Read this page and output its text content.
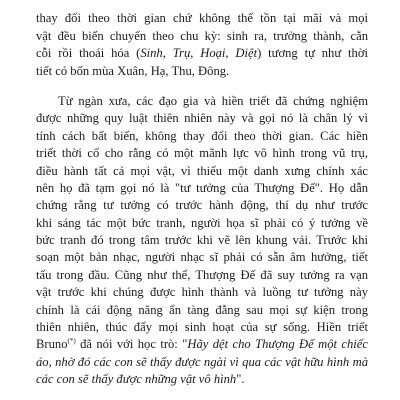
thay đổi theo thời gian chứ không thể tồn tại mãi và mọi
vật đều biến chuyển theo chu kỳ: sinh ra, trưởng thành, cằn
cỗi rồi thoái hóa (Sinh, Trụ, Hoại, Diệt) tương tự như thời
tiết có bốn mùa Xuân, Hạ, Thu, Đông.

Từ ngàn xưa, các đạo gia và hiền triết đã chứng nghiệm
được những quy luật thiên nhiên này và gọi nó là chân lý vì
tính cách bất biến, không thay đổi theo thời gian. Các hiền
triết thời cổ cho rằng có một mãnh lực vô hình trong vũ trụ,
điều hành tất cả mọi vật, vì thiếu một danh xưng chính xác
nên họ đã tạm gọi nó là "tư tưởng của Thượng Đế". Họ dẫn
chứng rằng tư tưởng có trước hành động, thí dụ như trước
khi sáng tác một bức tranh, người họa sĩ phải có ý tưởng về
bức tranh đó trong tâm trước khi vẽ lên khung vải. Trước khi
soạn một bản nhạc, người nhạc sĩ phải có sẵn âm hưởng, tiết
tấu trong đầu. Cũng như thế, Thượng Đế đã suy tưởng ra vạn
vật trước khi chúng được hình thành và luồng tư tưởng này
chính là cái động năng ẩn tàng đằng sau mọi sự kiện trong
thiên nhiên, thúc đẩy mọi sinh hoạt của sự sống. Hiền triết
Bruno(*) đã nói với học trò: "Hãy dệt cho Thượng Đế một chiếc
áo, nhờ đó các con sẽ thấy được ngài vì qua các vật hữu hình mà
các con sẽ thấy được những vật vô hình".
